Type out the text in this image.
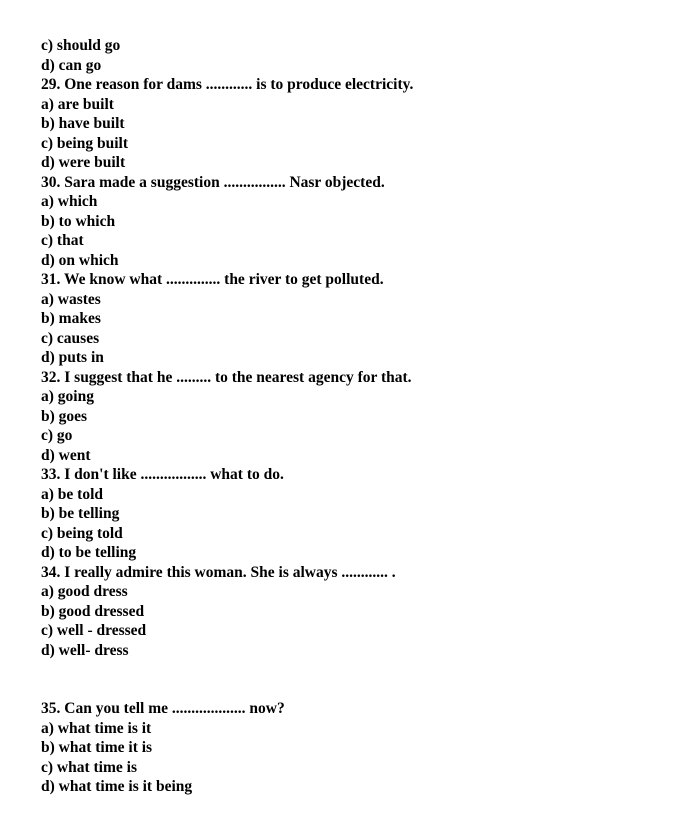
c) should go
d) can go
29. One reason for dams ............ is to produce electricity.
a) are built
b) have built
c) being built
d) were built
30. Sara made a suggestion ................ Nasr objected.
a) which
b) to which
c) that
d) on which
31. We know what .............. the river to get polluted.
a) wastes
b) makes
c) causes
d) puts in
32. I suggest that he ......... to the nearest agency for that.
a) going
b) goes
c) go
d) went
33. I don't like ................. what to do.
a) be told
b) be telling
c) being told
d) to be telling
34. I really admire this woman. She is always ............ .
a) good dress
b) good dressed
c) well - dressed
d) well- dress
35. Can you tell me ................... now?
a) what time is it
b) what time it is
c) what time is
d) what time is it being
